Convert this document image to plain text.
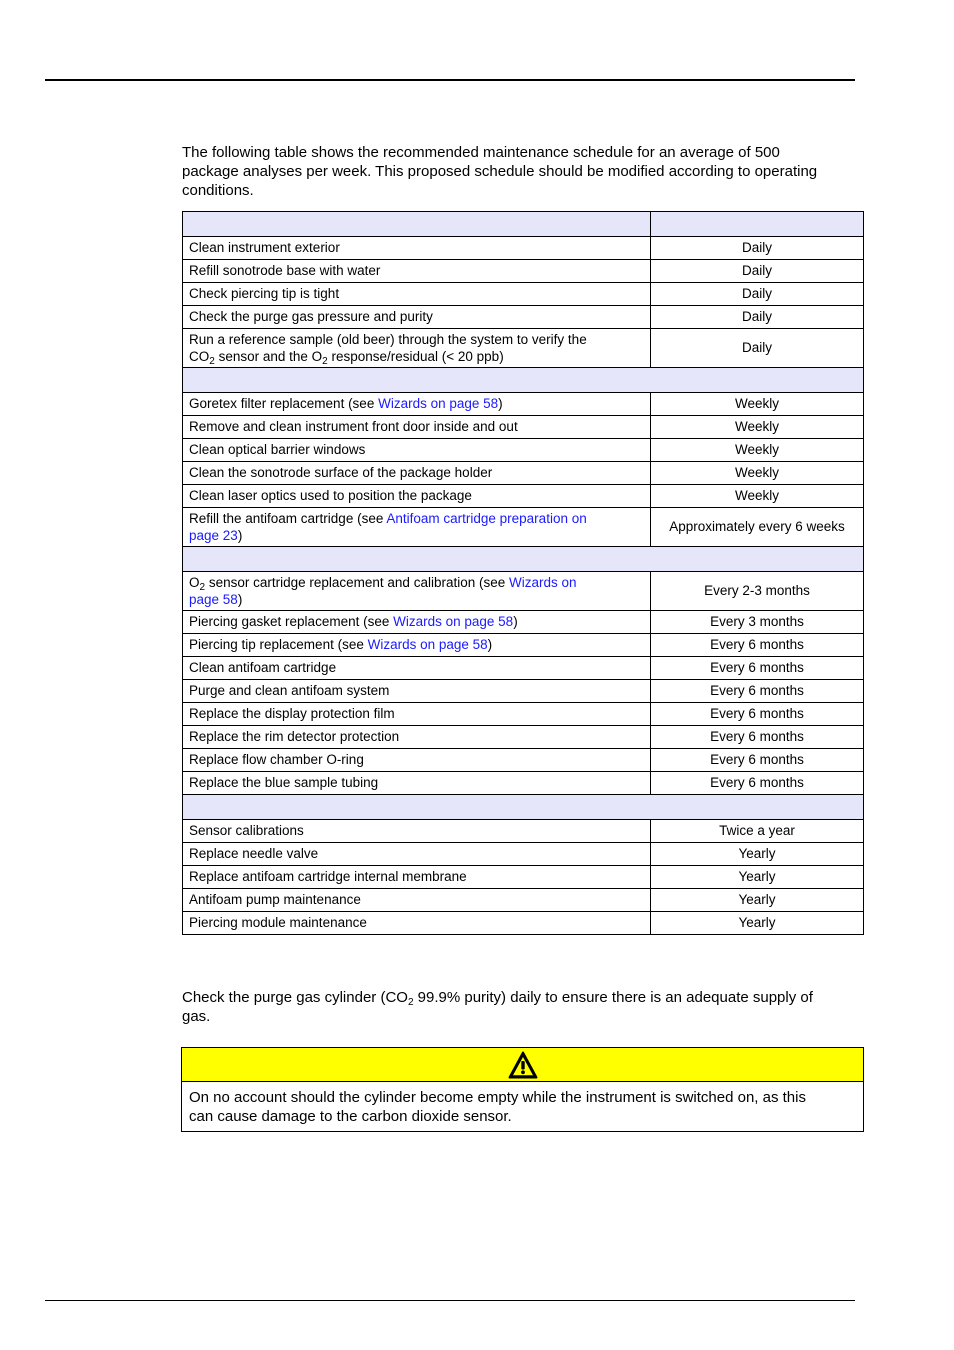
The following table shows the recommended maintenance schedule for an average of 500
package analyses per week. This proposed schedule should be modified according to operating
conditions.

Clean instrument exterior	Daily
Refill sonotrode base with water	Daily
Check piercing tip is tight	Daily
Check the purge gas pressure and purity	Daily
Run a reference sample (old beer) through the system to verify the
$CO_2$ sensor and the $O_2$ response/residual (< 20 ppb)	Daily

Goretex filter replacement (see Wizards on page 58)	Weekly
Remove and clean instrument front door inside and out	Weekly
Clean optical barrier windows	Weekly
Clean the sonotrode surface of the package holder	Weekly
Clean laser optics used to position the package	Weekly
Refill the antifoam cartridge (see Antifoam cartridge preparation on
page 23)	Approximately every 6 weeks

$O_2$ sensor cartridge replacement and calibration (see Wizards on
page 58)	Every 2-3 months
Piercing gasket replacement (see Wizards on page 58)	Every 3 months
Piercing tip replacement (see Wizards on page 58)	Every 6 months
Clean antifoam cartridge	Every 6 months
Purge and clean antifoam system	Every 6 months
Replace the display protection film	Every 6 months
Replace the rim detector protection	Every 6 months
Replace flow chamber O-ring	Every 6 months
Replace the blue sample tubing	Every 6 months

Sensor calibrations	Twice a year
Replace needle valve	Yearly
Replace antifoam cartridge internal membrane	Yearly
Antifoam pump maintenance	Yearly
Piercing module maintenance	Yearly

Check the purge gas cylinder ($CO_2$ 99.9% purity) daily to ensure there is an adequate supply of
gas.

On no account should the cylinder become empty while the instrument is switched on, as this
can cause damage to the carbon dioxide sensor.
